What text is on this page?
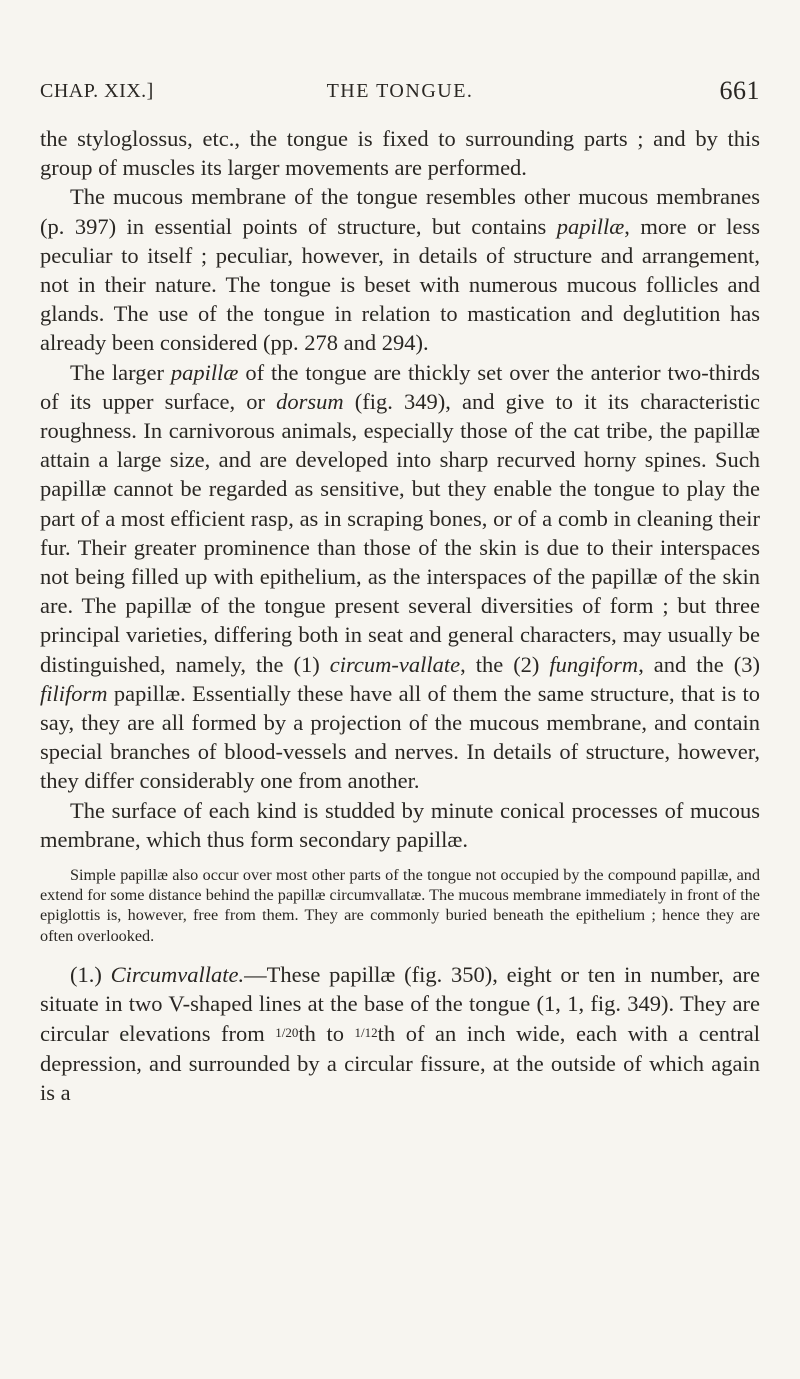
CHAP. XIX.]	THE TONGUE.	661

the styloglossus, etc., the tongue is fixed to surrounding parts ; and by this group of muscles its larger movements are performed.

The mucous membrane of the tongue resembles other mucous membranes (p. 397) in essential points of structure, but contains papillæ, more or less peculiar to itself ; peculiar, however, in details of structure and arrangement, not in their nature. The tongue is beset with numerous mucous follicles and glands. The use of the tongue in relation to mastication and deglutition has already been considered (pp. 278 and 294).

The larger papillæ of the tongue are thickly set over the anterior two-thirds of its upper surface, or dorsum (fig. 349), and give to it its characteristic roughness. In carnivorous animals, especially those of the cat tribe, the papillæ attain a large size, and are developed into sharp recurved horny spines. Such papillæ cannot be regarded as sensitive, but they enable the tongue to play the part of a most efficient rasp, as in scraping bones, or of a comb in cleaning their fur. Their greater prominence than those of the skin is due to their interspaces not being filled up with epithelium, as the interspaces of the papillæ of the skin are. The papillæ of the tongue present several diversities of form ; but three principal varieties, differing both in seat and general characters, may usually be distinguished, namely, the (1) circum-vallate, the (2) fungiform, and the (3) filiform papillæ. Essentially these have all of them the same structure, that is to say, they are all formed by a projection of the mucous membrane, and contain special branches of blood-vessels and nerves. In details of structure, however, they differ considerably one from another.

The surface of each kind is studded by minute conical processes of mucous membrane, which thus form secondary papillæ.

Simple papillæ also occur over most other parts of the tongue not occupied by the compound papillæ, and extend for some distance behind the papillæ circumvallatæ. The mucous membrane immediately in front of the epiglottis is, however, free from them. They are commonly buried beneath the epithelium ; hence they are often overlooked.

(1.) Circumvallate.—These papillæ (fig. 350), eight or ten in number, are situate in two V-shaped lines at the base of the tongue (1, 1, fig. 349). They are circular elevations from 1/20th to 1/12th of an inch wide, each with a central depression, and surrounded by a circular fissure, at the outside of which again is a
